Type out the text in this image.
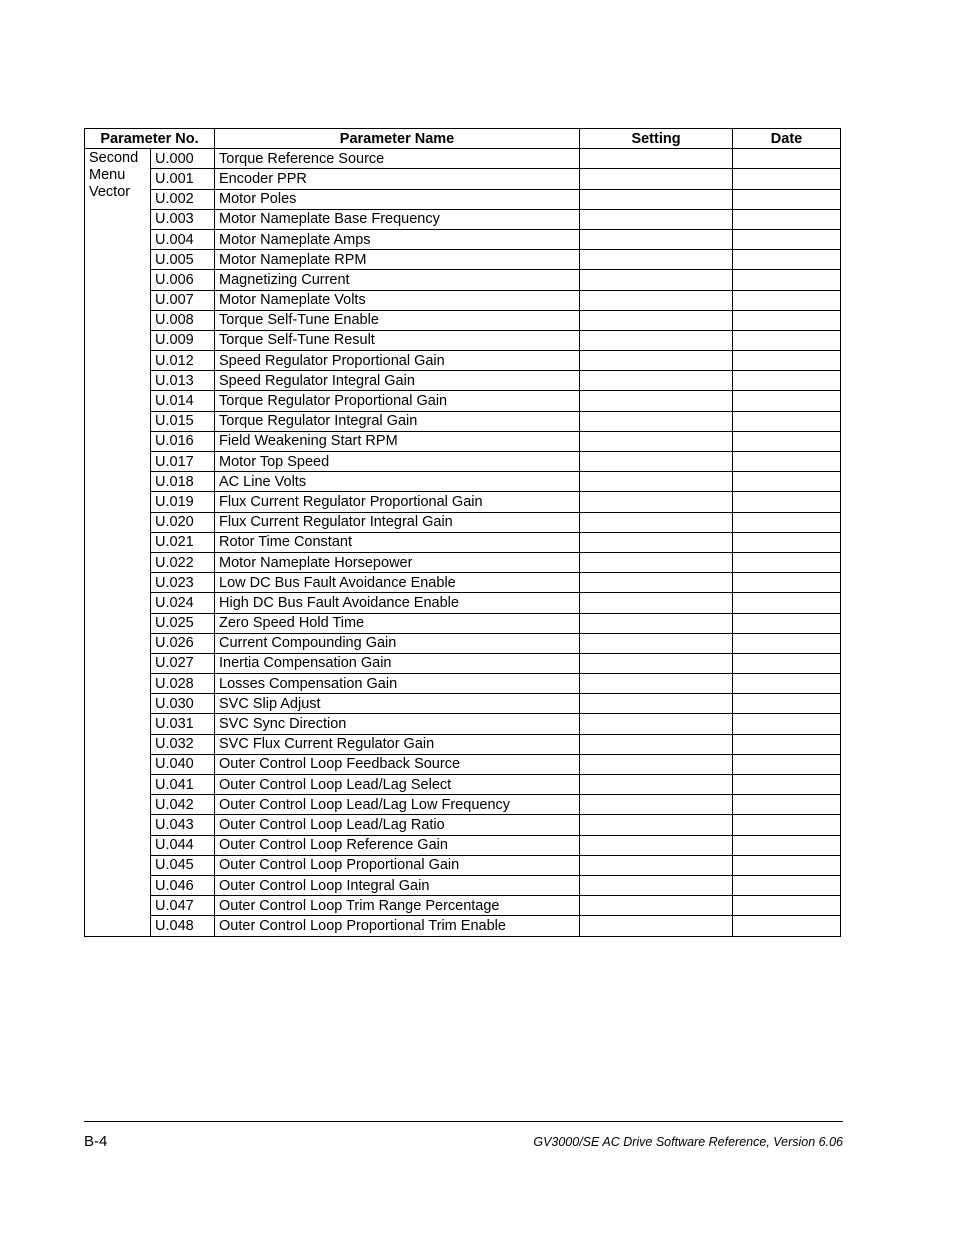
Parameter No.		Parameter Name	Setting	Date

Second
Menu
Vector	U.000	Torque Reference Source		
	U.001	Encoder PPR		
	U.002	Motor Poles		
	U.003	Motor Nameplate Base Frequency		
	U.004	Motor Nameplate Amps		
	U.005	Motor Nameplate RPM		
	U.006	Magnetizing Current		
	U.007	Motor Nameplate Volts		
	U.008	Torque Self-Tune Enable		
	U.009	Torque Self-Tune Result		
	U.012	Speed Regulator Proportional Gain		
	U.013	Speed Regulator Integral Gain		
	U.014	Torque Regulator Proportional Gain		
	U.015	Torque Regulator Integral Gain		
	U.016	Field Weakening Start RPM		
	U.017	Motor Top Speed		
	U.018	AC Line Volts		
	U.019	Flux Current Regulator Proportional Gain		
	U.020	Flux Current Regulator Integral Gain		
	U.021	Rotor Time Constant		
	U.022	Motor Nameplate Horsepower		
	U.023	Low DC Bus Fault Avoidance Enable		
	U.024	High DC Bus Fault Avoidance Enable		
	U.025	Zero Speed Hold Time		
	U.026	Current Compounding Gain		
	U.027	Inertia Compensation Gain		
	U.028	Losses Compensation Gain		
	U.030	SVC Slip Adjust		
	U.031	SVC Sync Direction		
	U.032	SVC Flux Current Regulator Gain		
	U.040	Outer Control Loop Feedback Source		
	U.041	Outer Control Loop Lead/Lag Select		
	U.042	Outer Control Loop Lead/Lag Low Frequency		
	U.043	Outer Control Loop Lead/Lag Ratio		
	U.044	Outer Control Loop Reference Gain		
	U.045	Outer Control Loop Proportional Gain		
	U.046	Outer Control Loop Integral Gain		
	U.047	Outer Control Loop Trim Range Percentage		
	U.048	Outer Control Loop Proportional Trim Enable		
B-4	GV3000/SE AC Drive Software Reference, Version 6.06
